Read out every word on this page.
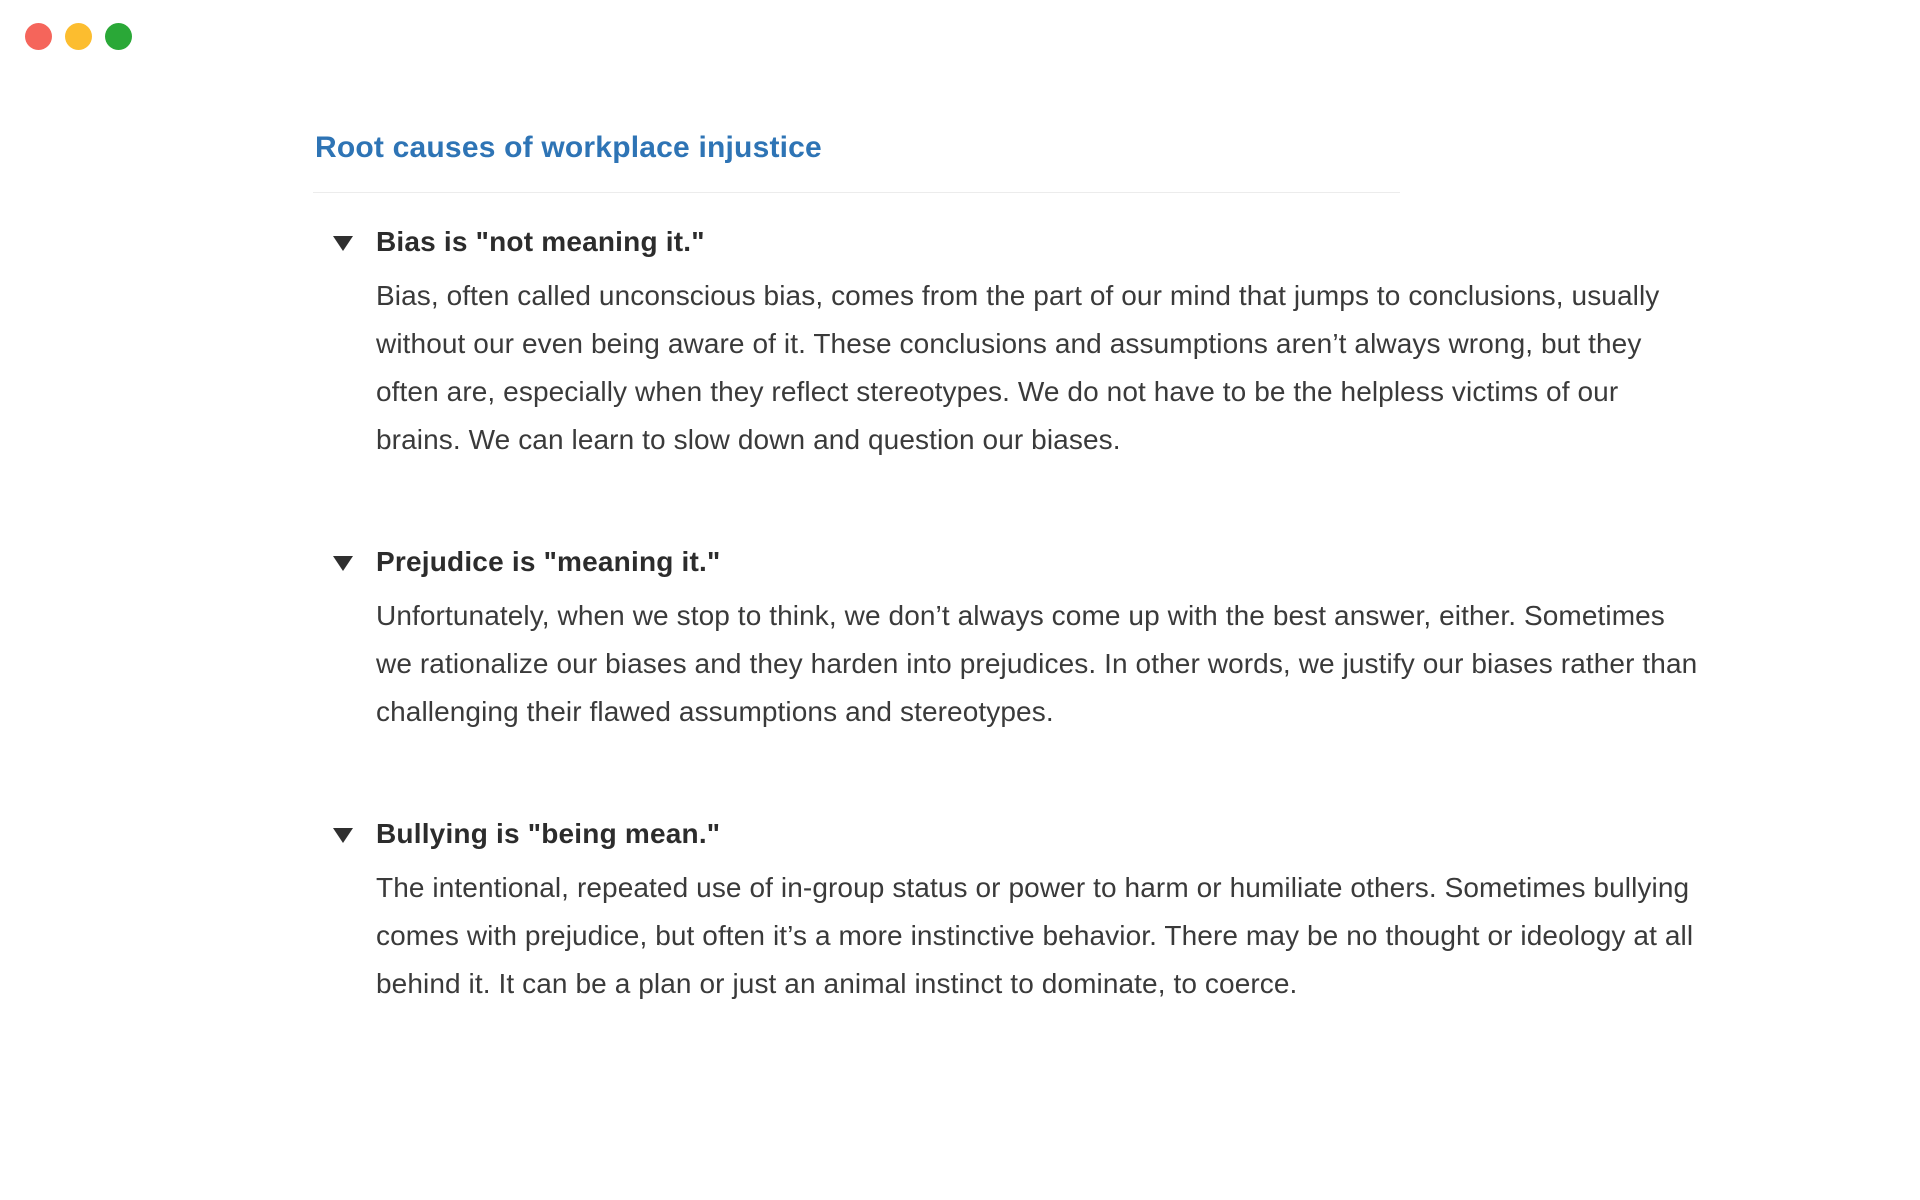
Root causes of workplace injustice
Bias is "not meaning it."
Bias, often called unconscious bias, comes from the part of our mind that jumps to conclusions, usually without our even being aware of it. These conclusions and assumptions aren’t always wrong, but they often are, especially when they reflect stereotypes. We do not have to be the helpless victims of our brains. We can learn to slow down and question our biases.
Prejudice is "meaning it."
Unfortunately, when we stop to think, we don’t always come up with the best answer, either. Sometimes we rationalize our biases and they harden into prejudices. In other words, we justify our biases rather than challenging their flawed assumptions and stereotypes.
Bullying is "being mean."
The intentional, repeated use of in-group status or power to harm or humiliate others. Sometimes bullying comes with prejudice, but often it’s a more instinctive behavior. There may be no thought or ideology at all behind it. It can be a plan or just an animal instinct to dominate, to coerce.
